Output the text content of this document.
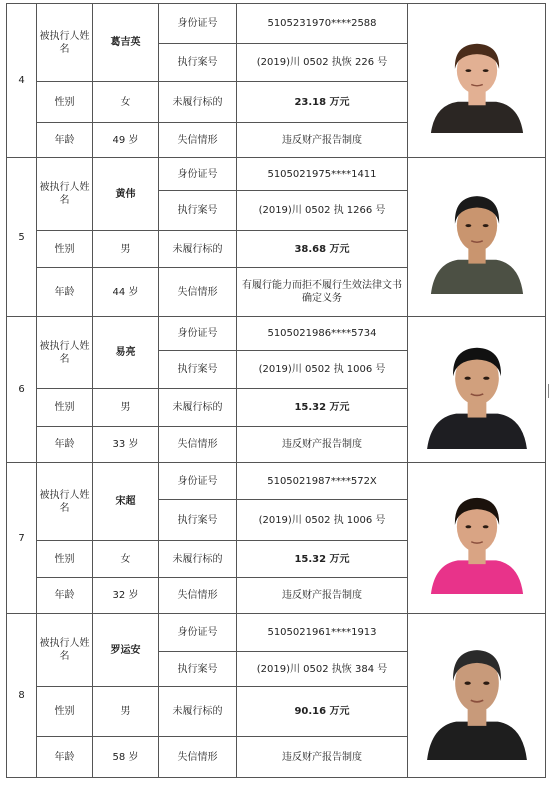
4	被执行人姓名	葛吉英	身份证号	5105231970****2588	

			执行案号	(2019)川 0502 执恢 226 号	
	性别	女	未履行标的	23.18 万元	
	年龄	49 岁	失信情形	违反财产报告制度	
5	被执行人姓名	黄伟	身份证号	5105021975****1411	

			执行案号	(2019)川 0502 执 1266 号	
	性别	男	未履行标的	38.68 万元	
	年龄	44 岁	失信情形	有履行能力而拒不履行生效法律文书确定义务	
6	被执行人姓名	易亮	身份证号	5105021986****5734	

			执行案号	(2019)川 0502 执 1006 号	
	性别	男	未履行标的	15.32 万元	
	年龄	33 岁	失信情形	违反财产报告制度	
7	被执行人姓名	宋超	身份证号	5105021987****572X	

			执行案号	(2019)川 0502 执 1006 号	
	性别	女	未履行标的	15.32 万元	
	年龄	32 岁	失信情形	违反财产报告制度	
8	被执行人姓名	罗运安	身份证号	5105021961****1913	

			执行案号	(2019)川 0502 执恢 384 号	
	性别	男	未履行标的	90.16 万元	
	年龄	58 岁	失信情形	违反财产报告制度	
